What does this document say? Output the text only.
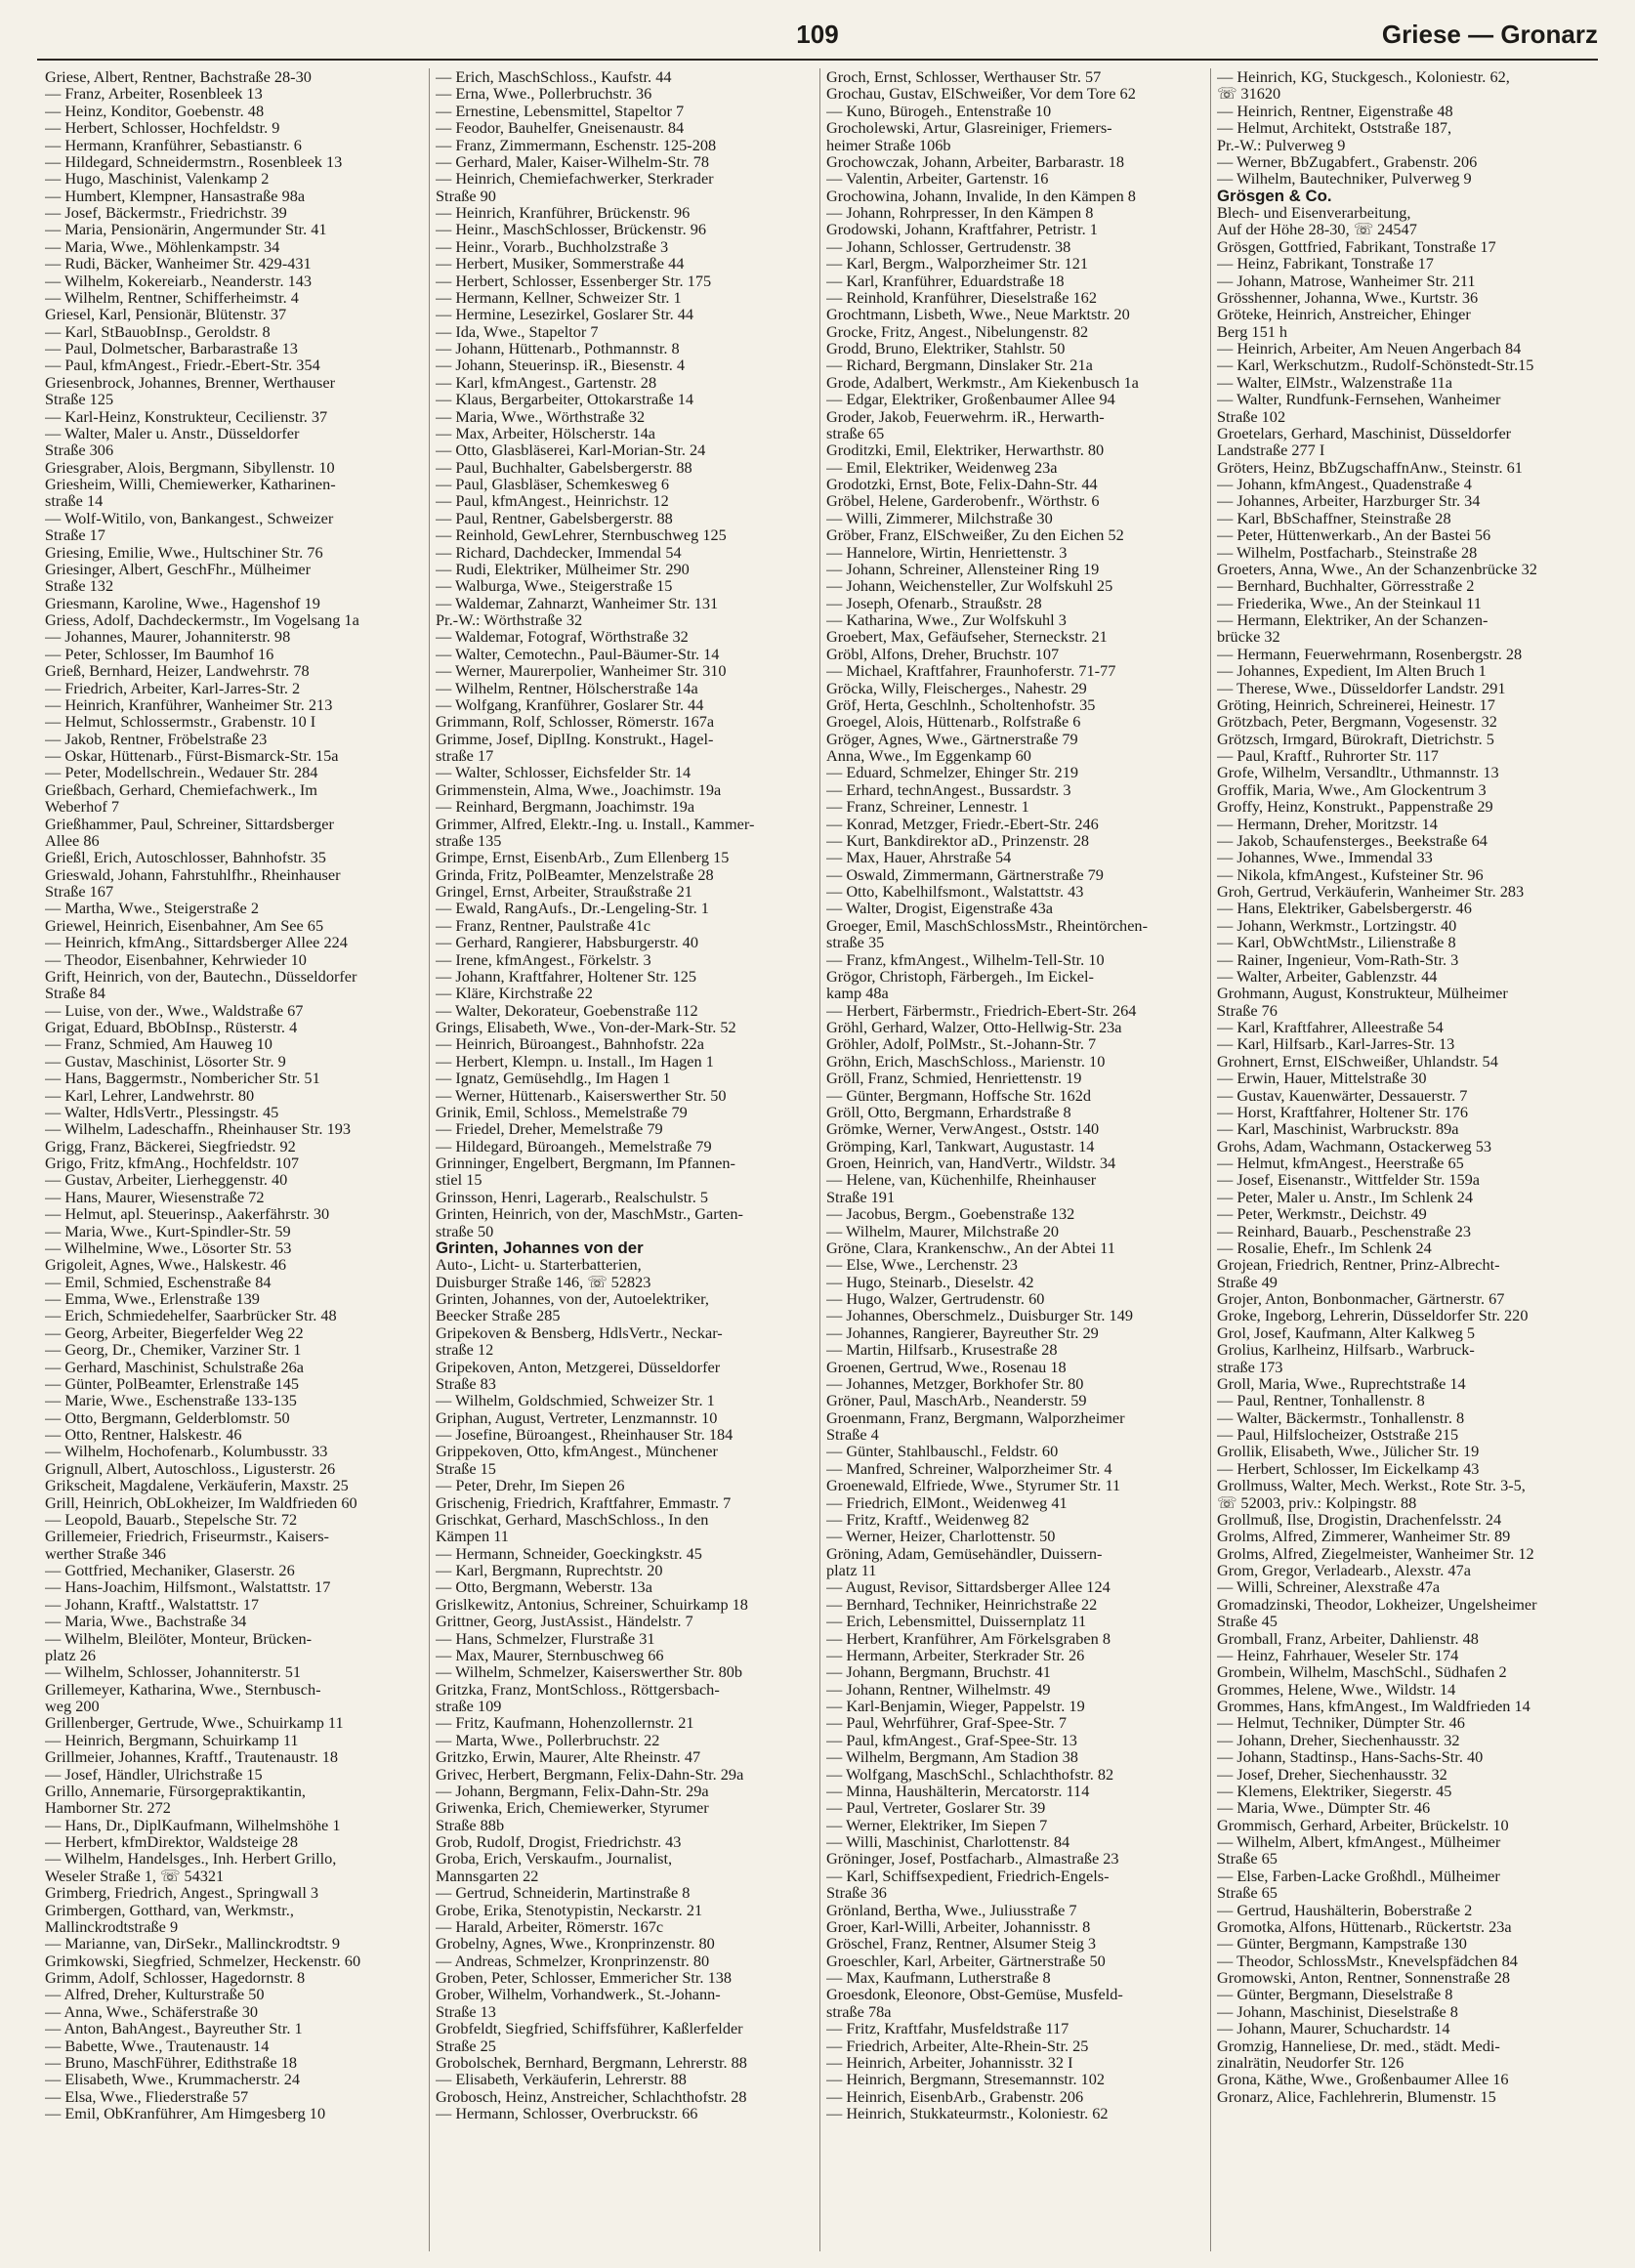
109	Griese — Gronarz
Griese, Albert, Rentner, Bachstraße 28-30
— Franz, Arbeiter, Rosenbleek 13
— Heinz, Konditor, Goebenstr. 48
— Herbert, Schlosser, Hochfeldstr. 9
— Hermann, Kranführer, Sebastianstr. 6
— Hildegard, Schneidermstrn., Rosenbleek 13
— Hugo, Maschinist, Valenkamp 2
— Humbert, Klempner, Hansastraße 98a
— Josef, Bäckermstr., Friedrichstr. 39
— Maria, Pensionärin, Angermunder Str. 41
— Maria, Wwe., Möhlenkampstr. 34
— Rudi, Bäcker, Wanheimer Str. 429-431
— Wilhelm, Kokereiarb., Neanderstr. 143
— Wilhelm, Rentner, Schifferheimstr. 4
Griesel, Karl, Pensionär, Blütenstr. 37
— Karl, StBauobInsp., Geroldstr. 8
— Paul, Dolmetscher, Barbarastraße 13
— Paul, kfmAngest., Friedr.-Ebert-Str. 354
Griesenbrock, Johannes, Brenner, Werthauser
Straße 125
— Karl-Heinz, Konstrukteur, Cecilienstr. 37
— Walter, Maler u. Anstr., Düsseldorfer
Straße 306
Griesgraber, Alois, Bergmann, Sibyllenstr. 10
Griesheim, Willi, Chemiewerker, Katharinen-
straße 14
— Wolf-Witilo, von, Bankangest., Schweizer
Straße 17
Griesing, Emilie, Wwe., Hultschiner Str. 76
Griesinger, Albert, GeschFhr., Mülheimer
Straße 132
Griesmann, Karoline, Wwe., Hagenshof 19
Griess, Adolf, Dachdeckermstr., Im Vogelsang 1a
— Johannes, Maurer, Johanniterstr. 98
— Peter, Schlosser, Im Baumhof 16
Grieß, Bernhard, Heizer, Landwehrstr. 78
— Friedrich, Arbeiter, Karl-Jarres-Str. 2
— Heinrich, Kranführer, Wanheimer Str. 213
— Helmut, Schlossermstr., Grabenstr. 10 I
— Jakob, Rentner, Fröbelstraße 23
— Oskar, Hüttenarb., Fürst-Bismarck-Str. 15a
— Peter, Modellschrein., Wedauer Str. 284
Grießbach, Gerhard, Chemiefachwerk., Im
Weberhof 7
Grießhammer, Paul, Schreiner, Sittardsberger
Allee 86
Grießl, Erich, Autoschlosser, Bahnhofstr. 35
Grieswald, Johann, Fahrstuhlfhr., Rheinhauser
Straße 167
— Martha, Wwe., Steigerstraße 2
Griewel, Heinrich, Eisenbahner, Am See 65
— Heinrich, kfmAng., Sittardsberger Allee 224
— Theodor, Eisenbahner, Kehrwieder 10
Grift, Heinrich, von der, Bautechn., Düsseldorfer
Straße 84
— Luise, von der., Wwe., Waldstraße 67
Grigat, Eduard, BbObInsp., Rüsterstr. 4
— Franz, Schmied, Am Hauweg 10
— Gustav, Maschinist, Lösorter Str. 9
— Hans, Baggermstr., Nombericher Str. 51
— Karl, Lehrer, Landwehrstr. 80
— Walter, HdlsVertr., Plessingstr. 45
— Wilhelm, Ladeschaffn., Rheinhauser Str. 193
Grigg, Franz, Bäckerei, Siegfriedstr. 92
Grigo, Fritz, kfmAng., Hochfeldstr. 107
— Gustav, Arbeiter, Lierheggenstr. 40
— Hans, Maurer, Wiesenstraße 72
— Helmut, apl. Steuerinsp., Aakerfährstr. 30
— Maria, Wwe., Kurt-Spindler-Str. 59
— Wilhelmine, Wwe., Lösorter Str. 53
Grigoleit, Agnes, Wwe., Halskestr. 46
— Emil, Schmied, Eschenstraße 84
— Emma, Wwe., Erlenstraße 139
— Erich, Schmiedehelfer, Saarbrücker Str. 48
— Georg, Arbeiter, Biegerfelder Weg 22
— Georg, Dr., Chemiker, Varziner Str. 1
— Gerhard, Maschinist, Schulstraße 26a
— Günter, PolBeamter, Erlenstraße 145
— Marie, Wwe., Eschenstraße 133-135
— Otto, Bergmann, Gelderblomstr. 50
— Otto, Rentner, Halskestr. 46
— Wilhelm, Hochofenarb., Kolumbusstr. 33
Grignull, Albert, Autoschloss., Ligusterstr. 26
Grikscheit, Magdalene, Verkäuferin, Maxstr. 25
Grill, Heinrich, ObLokheizer, Im Waldfrieden 60
— Leopold, Bauarb., Stepelsche Str. 72
Grillemeier, Friedrich, Friseurmstr., Kaisers-
werther Straße 346
— Gottfried, Mechaniker, Glaserstr. 26
— Hans-Joachim, Hilfsmont., Walstattstr. 17
— Johann, Kraftf., Walstattstr. 17
— Maria, Wwe., Bachstraße 34
— Wilhelm, Bleilöter, Monteur, Brücken-
platz 26
— Wilhelm, Schlosser, Johanniterstr. 51
Grillemeyer, Katharina, Wwe., Sternbusch-
weg 200
Grillenberger, Gertrude, Wwe., Schuirkamp 11
— Heinrich, Bergmann, Schuirkamp 11
Grillmeier, Johannes, Kraftf., Trautenaustr. 18
— Josef, Händler, Ulrichstraße 15
Grillo, Annemarie, Fürsorgepraktikantin,
Hamborner Str. 272
— Hans, Dr., DiplKaufmann, Wilhelmshöhe 1
— Herbert, kfmDirektor, Waldsteige 28
— Wilhelm, Handelsges., Inh. Herbert Grillo,
Weseler Straße 1, ☏ 54321
Grimberg, Friedrich, Angest., Springwall 3
Grimbergen, Gotthard, van, Werkmstr.,
Mallinckrodtstraße 9
— Marianne, van, DirSekr., Mallinckrodtstr. 9
Grimkowski, Siegfried, Schmelzer, Heckenstr. 60
Grimm, Adolf, Schlosser, Hagedornstr. 8
— Alfred, Dreher, Kulturstraße 50
— Anna, Wwe., Schäferstraße 30
— Anton, BahAngest., Bayreuther Str. 1
— Babette, Wwe., Trautenaustr. 14
— Bruno, MaschFührer, Edithstraße 18
— Elisabeth, Wwe., Krummacherstr. 24
— Elsa, Wwe., Fliederstraße 57
— Emil, ObKranführer, Am Himgesberg 10
— Erich, MaschSchloss., Kaufstr. 44
— Erna, Wwe., Pollerbruchstr. 36
— Ernestine, Lebensmittel, Stapeltor 7
— Feodor, Bauhelfer, Gneisenaustr. 84
— Franz, Zimmermann, Eschenstr. 125-208
— Gerhard, Maler, Kaiser-Wilhelm-Str. 78
— Heinrich, Chemiefachwerker, Sterkrader
Straße 90
— Heinrich, Kranführer, Brückenstr. 96
— Heinr., MaschSchlosser, Brückenstr. 96
— Heinr., Vorarb., Buchholzstraße 3
— Herbert, Musiker, Sommerstraße 44
— Herbert, Schlosser, Essenberger Str. 175
— Hermann, Kellner, Schweizer Str. 1
— Hermine, Lesezirkel, Goslarer Str. 44
— Ida, Wwe., Stapeltor 7
— Johann, Hüttenarb., Pothmannstr. 8
— Johann, Steuerinsp. iR., Biesenstr. 4
— Karl, kfmAngest., Gartenstr. 28
— Klaus, Bergarbeiter, Ottokarstraße 14
— Maria, Wwe., Wörthstraße 32
— Max, Arbeiter, Hölscherstr. 14a
— Otto, Glasbläserei, Karl-Morian-Str. 24
— Paul, Buchhalter, Gabelsbergerstr. 88
— Paul, Glasbläser, Schemkesweg 6
— Paul, kfmAngest., Heinrichstr. 12
— Paul, Rentner, Gabelsbergerstr. 88
— Reinhold, GewLehrer, Sternbuschweg 125
— Richard, Dachdecker, Immendal 54
— Rudi, Elektriker, Mülheimer Str. 290
— Walburga, Wwe., Steigerstraße 15
— Waldemar, Zahnarzt, Wanheimer Str. 131
Pr.-W.: Wörthstraße 32
— Waldemar, Fotograf, Wörthstraße 32
— Walter, Cemotechn., Paul-Bäumer-Str. 14
— Werner, Maurerpolier, Wanheimer Str. 310
— Wilhelm, Rentner, Hölscherstraße 14a
— Wolfgang, Kranführer, Goslarer Str. 44
Grimmann, Rolf, Schlosser, Römerstr. 167a
Grimme, Josef, DiplIng. Konstrukt., Hagel-
straße 17
— Walter, Schlosser, Eichsfelder Str. 14
Grimmenstein, Alma, Wwe., Joachimstr. 19a
— Reinhard, Bergmann, Joachimstr. 19a
Grimmer, Alfred, Elektr.-Ing. u. Install., Kammer-
straße 135
Grimpe, Ernst, EisenbArb., Zum Ellenberg 15
Grinda, Fritz, PolBeamter, Menzelstraße 28
Gringel, Ernst, Arbeiter, Straußstraße 21
— Ewald, RangAufs., Dr.-Lengeling-Str. 1
— Franz, Rentner, Paulstraße 41c
— Gerhard, Rangierer, Habsburgerstr. 40
— Irene, kfmAngest., Förkelstr. 3
— Johann, Kraftfahrer, Holtener Str. 125
— Kläre, Kirchstraße 22
— Walter, Dekorateur, Goebenstraße 112
Grings, Elisabeth, Wwe., Von-der-Mark-Str. 52
— Heinrich, Büroangest., Bahnhofstr. 22a
— Herbert, Klempn. u. Install., Im Hagen 1
— Ignatz, Gemüsehdlg., Im Hagen 1
— Werner, Hüttenarb., Kaiserswerther Str. 50
Grinik, Emil, Schloss., Memelstraße 79
— Friedel, Dreher, Memelstraße 79
— Hildegard, Büroangeh., Memelstraße 79
Grinninger, Engelbert, Bergmann, Im Pfannen-
stiel 15
Grinsson, Henri, Lagerarb., Realschulstr. 5
Grinten, Heinrich, von der, MaschMstr., Garten-
straße 50
Grinten, Johannes von der
Auto-, Licht- u. Starterbatterien,
Duisburger Straße 146, ☏ 52823
Grinten, Johannes, von der, Autoelektriker,
Beecker Straße 285
Gripekoven & Bensberg, HdlsVertr., Neckar-
straße 12
Gripekoven, Anton, Metzgerei, Düsseldorfer
Straße 83
— Wilhelm, Goldschmied, Schweizer Str. 1
Griphan, August, Vertreter, Lenzmannstr. 10
— Josefine, Büroangest., Rheinhauser Str. 184
Grippekoven, Otto, kfmAngest., Münchener
Straße 15
— Peter, Drehr, Im Siepen 26
Grischenig, Friedrich, Kraftfahrer, Emmastr. 7
Grischkat, Gerhard, MaschSchloss., In den
Kämpen 11
— Hermann, Schneider, Goeckingkstr. 45
— Karl, Bergmann, Ruprechtstr. 20
— Otto, Bergmann, Weberstr. 13a
Grislkewitz, Antonius, Schreiner, Schuirkamp 18
Grittner, Georg, JustAssist., Händelstr. 7
— Hans, Schmelzer, Flurstraße 31
— Max, Maurer, Sternbuschweg 66
— Wilhelm, Schmelzer, Kaiserswerther Str. 80b
Gritzka, Franz, MontSchloss., Röttgersbach-
straße 109
— Fritz, Kaufmann, Hohenzollernstr. 21
— Marta, Wwe., Pollerbruchstr. 22
Gritzko, Erwin, Maurer, Alte Rheinstr. 47
Grivec, Herbert, Bergmann, Felix-Dahn-Str. 29a
— Johann, Bergmann, Felix-Dahn-Str. 29a
Griwenka, Erich, Chemiewerker, Styrumer
Straße 88b
Grob, Rudolf, Drogist, Friedrichstr. 43
Groba, Erich, Verskaufm., Journalist,
Mannsgarten 22
— Gertrud, Schneiderin, Martinstraße 8
Grobe, Erika, Stenotypistin, Neckarstr. 21
— Harald, Arbeiter, Römerstr. 167c
Grobelny, Agnes, Wwe., Kronprinzenstr. 80
— Andreas, Schmelzer, Kronprinzenstr. 80
Groben, Peter, Schlosser, Emmericher Str. 138
Grober, Wilhelm, Vorhandwerk., St.-Johann-
Straße 13
Grobfeldt, Siegfried, Schiffsführer, Kaßlerfelder
Straße 25
Grobolschek, Bernhard, Bergmann, Lehrerstr. 88
— Elisabeth, Verkäuferin, Lehrerstr. 88
Grobosch, Heinz, Anstreicher, Schlachthofstr. 28
— Hermann, Schlosser, Overbruckstr. 66
Groch, Ernst, Schlosser, Werthauser Str. 57
Grochau, Gustav, ElSchweißer, Vor dem Tore 62
— Kuno, Bürogeh., Entenstraße 10
Grocholewski, Artur, Glasreiniger, Friemers-
heimer Straße 106b
Grochowczak, Johann, Arbeiter, Barbarastr. 18
— Valentin, Arbeiter, Gartenstr. 16
Grochowina, Johann, Invalide, In den Kämpen 8
— Johann, Rohrpresser, In den Kämpen 8
Grodowski, Johann, Kraftfahrer, Petristr. 1
— Johann, Schlosser, Gertrudenstr. 38
— Karl, Bergm., Walporzheimer Str. 121
— Karl, Kranführer, Eduardstraße 18
— Reinhold, Kranführer, Dieselstraße 162
Grochtmann, Lisbeth, Wwe., Neue Marktstr. 20
Grocke, Fritz, Angest., Nibelungenstr. 82
Grodd, Bruno, Elektriker, Stahlstr. 50
— Richard, Bergmann, Dinslaker Str. 21a
Grode, Adalbert, Werkmstr., Am Kiekenbusch 1a
— Edgar, Elektriker, Großenbaumer Allee 94
Groder, Jakob, Feuerwehrm. iR., Herwarth-
straße 65
Groditzki, Emil, Elektriker, Herwarthstr. 80
— Emil, Elektriker, Weidenweg 23a
Grodotzki, Ernst, Bote, Felix-Dahn-Str. 44
Gröbel, Helene, Garderobenfr., Wörthstr. 6
— Willi, Zimmerer, Milchstraße 30
Gröber, Franz, ElSchweißer, Zu den Eichen 52
— Hannelore, Wirtin, Henriettenstr. 3
— Johann, Schreiner, Allensteiner Ring 19
— Johann, Weichensteller, Zur Wolfskuhl 25
— Joseph, Ofenarb., Straußstr. 28
— Katharina, Wwe., Zur Wolfskuhl 3
Groebert, Max, Gefäufseher, Sterneckstr. 21
Gröbl, Alfons, Dreher, Bruchstr. 107
— Michael, Kraftfahrer, Fraunhoferstr. 71-77
Gröcka, Willy, Fleischerges., Nahestr. 29
Gröf, Herta, Geschlnh., Scholtenhofstr. 35
Groegel, Alois, Hüttenarb., Rolfstraße 6
Gröger, Agnes, Wwe., Gärtnerstraße 79
Anna, Wwe., Im Eggenkamp 60
— Eduard, Schmelzer, Ehinger Str. 219
— Erhard, technAngest., Bussardstr. 3
— Franz, Schreiner, Lennestr. 1
— Konrad, Metzger, Friedr.-Ebert-Str. 246
— Kurt, Bankdirektor aD., Prinzenstr. 28
— Max, Hauer, Ahrstraße 54
— Oswald, Zimmermann, Gärtnerstraße 79
— Otto, Kabelhilfsmont., Walstattstr. 43
— Walter, Drogist, Eigenstraße 43a
Groeger, Emil, MaschSchlossMstr., Rheintörchen-
straße 35
— Franz, kfmAngest., Wilhelm-Tell-Str. 10
Grögor, Christoph, Färbergeh., Im Eickel-
kamp 48a
— Herbert, Färbermstr., Friedrich-Ebert-Str. 264
Gröhl, Gerhard, Walzer, Otto-Hellwig-Str. 23a
Gröhler, Adolf, PolMstr., St.-Johann-Str. 7
Gröhn, Erich, MaschSchloss., Marienstr. 10
Gröll, Franz, Schmied, Henriettenstr. 19
— Günter, Bergmann, Hoffsche Str. 162d
Gröll, Otto, Bergmann, Erhardstraße 8
Grömke, Werner, VerwAngest., Oststr. 140
Grömping, Karl, Tankwart, Augustastr. 14
Groen, Heinrich, van, HandVertr., Wildstr. 34
— Helene, van, Küchenhilfe, Rheinhauser
Straße 191
— Jacobus, Bergm., Goebenstraße 132
— Wilhelm, Maurer, Milchstraße 20
Gröne, Clara, Krankenschw., An der Abtei 11
— Else, Wwe., Lerchenstr. 23
— Hugo, Steinarb., Dieselstr. 42
— Hugo, Walzer, Gertrudenstr. 60
— Johannes, Oberschmelz., Duisburger Str. 149
— Johannes, Rangierer, Bayreuther Str. 29
— Martin, Hilfsarb., Krusestraße 28
Groenen, Gertrud, Wwe., Rosenau 18
— Johannes, Metzger, Borkhofer Str. 80
Gröner, Paul, MaschArb., Neanderstr. 59
Groenmann, Franz, Bergmann, Walporzheimer
Straße 4
— Günter, Stahlbauschl., Feldstr. 60
— Manfred, Schreiner, Walporzheimer Str. 4
Groenewald, Elfriede, Wwe., Styrumer Str. 11
— Friedrich, ElMont., Weidenweg 41
— Fritz, Kraftf., Weidenweg 82
— Werner, Heizer, Charlottenstr. 50
Gröning, Adam, Gemüsehändler, Duissern-
platz 11
— August, Revisor, Sittardsberger Allee 124
— Bernhard, Techniker, Heinrichstraße 22
— Erich, Lebensmittel, Duissernplatz 11
— Herbert, Kranführer, Am Förkelsgraben 8
— Hermann, Arbeiter, Sterkrader Str. 26
— Johann, Bergmann, Bruchstr. 41
— Johann, Rentner, Wilhelmstr. 49
— Karl-Benjamin, Wieger, Pappelstr. 19
— Paul, Wehrführer, Graf-Spee-Str. 7
— Paul, kfmAngest., Graf-Spee-Str. 13
— Wilhelm, Bergmann, Am Stadion 38
— Wolfgang, MaschSchl., Schlachthofstr. 82
— Minna, Haushälterin, Mercatorstr. 114
— Paul, Vertreter, Goslarer Str. 39
— Werner, Elektriker, Im Siepen 7
— Willi, Maschinist, Charlottenstr. 84
Gröninger, Josef, Postfacharb., Almastraße 23
— Karl, Schiffsexpedient, Friedrich-Engels-
Straße 36
Grönland, Bertha, Wwe., Juliusstraße 7
Groer, Karl-Willi, Arbeiter, Johannisstr. 8
Gröschel, Franz, Rentner, Alsumer Steig 3
Groeschler, Karl, Arbeiter, Gärtnerstraße 50
— Max, Kaufmann, Lutherstraße 8
Groesdonk, Eleonore, Obst-Gemüse, Musfeld-
straße 78a
— Fritz, Kraftfahr, Musfeldstraße 117
— Friedrich, Arbeiter, Alte-Rhein-Str. 25
— Heinrich, Arbeiter, Johannisstr. 32 I
— Heinrich, Bergmann, Stresemannstr. 102
— Heinrich, EisenbArb., Grabenstr. 206
— Heinrich, Stukkateurmstr., Koloniestr. 62
— Heinrich, KG, Stuckgesch., Koloniestr. 62,
☏ 31620
— Heinrich, Rentner, Eigenstraße 48
— Helmut, Architekt, Oststraße 187,
Pr.-W.: Pulverweg 9
— Werner, BbZugabfert., Grabenstr. 206
— Wilhelm, Bautechniker, Pulverweg 9
Grösgen & Co.
Blech- und Eisenverarbeitung,
Auf der Höhe 28-30, ☏ 24547
Grösgen, Gottfried, Fabrikant, Tonstraße 17
— Heinz, Fabrikant, Tonstraße 17
— Johann, Matrose, Wanheimer Str. 211
Grösshenner, Johanna, Wwe., Kurtstr. 36
Gröteke, Heinrich, Anstreicher, Ehinger
Berg 151 h
— Heinrich, Arbeiter, Am Neuen Angerbach 84
— Karl, Werkschutzm., Rudolf-Schönstedt-Str.15
— Walter, ElMstr., Walzenstraße 11a
— Walter, Rundfunk-Fernsehen, Wanheimer
Straße 102
Groetelars, Gerhard, Maschinist, Düsseldorfer
Landstraße 277 I
Gröters, Heinz, BbZugschaffnAnw., Steinstr. 61
— Johann, kfmAngest., Quadenstraße 4
— Johannes, Arbeiter, Harzburger Str. 34
— Karl, BbSchaffner, Steinstraße 28
— Peter, Hüttenwerkarb., An der Bastei 56
— Wilhelm, Postfacharb., Steinstraße 28
Groeters, Anna, Wwe., An der Schanzenbrücke 32
— Bernhard, Buchhalter, Görresstraße 2
— Friederika, Wwe., An der Steinkaul 11
— Hermann, Elektriker, An der Schanzen-
brücke 32
— Hermann, Feuerwehrmann, Rosenbergstr. 28
— Johannes, Expedient, Im Alten Bruch 1
— Therese, Wwe., Düsseldorfer Landstr. 291
Gröting, Heinrich, Schreinerei, Heinestr. 17
Grötzbach, Peter, Bergmann, Vogesenstr. 32
Grötzsch, Irmgard, Bürokraft, Dietrichstr. 5
— Paul, Kraftf., Ruhrorter Str. 117
Grofe, Wilhelm, Versandltr., Uthmannstr. 13
Groffik, Maria, Wwe., Am Glockentrum 3
Groffy, Heinz, Konstrukt., Pappenstraße 29
— Hermann, Dreher, Moritzstr. 14
— Jakob, Schaufensterges., Beekstraße 64
— Johannes, Wwe., Immendal 33
— Nikola, kfmAngest., Kufsteiner Str. 96
Groh, Gertrud, Verkäuferin, Wanheimer Str. 283
— Hans, Elektriker, Gabelsbergerstr. 46
— Johann, Werkmstr., Lortzingstr. 40
— Karl, ObWchtMstr., Lilienstraße 8
— Rainer, Ingenieur, Vom-Rath-Str. 3
— Walter, Arbeiter, Gablenzstr. 44
Grohmann, August, Konstrukteur, Mülheimer
Straße 76
— Karl, Kraftfahrer, Alleestraße 54
— Karl, Hilfsarb., Karl-Jarres-Str. 13
Grohnert, Ernst, ElSchweißer, Uhlandstr. 54
— Erwin, Hauer, Mittelstraße 30
— Gustav, Kauenwärter, Dessauerstr. 7
— Horst, Kraftfahrer, Holtener Str. 176
— Karl, Maschinist, Warbruckstr. 89a
Grohs, Adam, Wachmann, Ostackerweg 53
— Helmut, kfmAngest., Heerstraße 65
— Josef, Eisenanstr., Wittfelder Str. 159a
— Peter, Maler u. Anstr., Im Schlenk 24
— Peter, Werkmstr., Deichstr. 49
— Reinhard, Bauarb., Peschenstraße 23
— Rosalie, Ehefr., Im Schlenk 24
Grojean, Friedrich, Rentner, Prinz-Albrecht-
Straße 49
Grojer, Anton, Bonbonmacher, Gärtnerstr. 67
Groke, Ingeborg, Lehrerin, Düsseldorfer Str. 220
Grol, Josef, Kaufmann, Alter Kalkweg 5
Grolius, Karlheinz, Hilfsarb., Warbruck-
straße 173
Groll, Maria, Wwe., Ruprechtstraße 14
— Paul, Rentner, Tonhallenstr. 8
— Walter, Bäckermstr., Tonhallenstr. 8
— Paul, Hilfslocheizer, Oststraße 215
Grollik, Elisabeth, Wwe., Jülicher Str. 19
— Herbert, Schlosser, Im Eickelkamp 43
Grollmuss, Walter, Mech. Werkst., Rote Str. 3-5,
☏ 52003, priv.: Kolpingstr. 88
Grollmuß, Ilse, Drogistin, Drachenfelsstr. 24
Grolms, Alfred, Zimmerer, Wanheimer Str. 89
Grolms, Alfred, Ziegelmeister, Wanheimer Str. 12
Grom, Gregor, Verladearb., Alexstr. 47a
— Willi, Schreiner, Alexstraße 47a
Gromadzinski, Theodor, Lokheizer, Ungelsheimer
Straße 45
Gromball, Franz, Arbeiter, Dahlienstr. 48
— Heinz, Fahrhauer, Weseler Str. 174
Grombein, Wilhelm, MaschSchl., Südhafen 2
Grommes, Helene, Wwe., Wildstr. 14
Grommes, Hans, kfmAngest., Im Waldfrieden 14
— Helmut, Techniker, Dümpter Str. 46
— Johann, Dreher, Siechenhausstr. 32
— Johann, Stadtinsp., Hans-Sachs-Str. 40
— Josef, Dreher, Siechenhausstr. 32
— Klemens, Elektriker, Siegerstr. 45
— Maria, Wwe., Dümpter Str. 46
Grommisch, Gerhard, Arbeiter, Brückelstr. 10
— Wilhelm, Albert, kfmAngest., Mülheimer
Straße 65
— Else, Farben-Lacke Großhdl., Mülheimer
Straße 65
— Gertrud, Haushälterin, Boberstraße 2
Gromotka, Alfons, Hüttenarb., Rückertstr. 23a
— Günter, Bergmann, Kampstraße 130
— Theodor, SchlossMstr., Knevelspfädchen 84
Gromowski, Anton, Rentner, Sonnenstraße 28
— Günter, Bergmann, Dieselstraße 8
— Johann, Maschinist, Dieselstraße 8
— Johann, Maurer, Schuchardstr. 14
Gromzig, Hanneliese, Dr. med., städt. Medi-
zinalrätin, Neudorfer Str. 126
Grona, Käthe, Wwe., Großenbaumer Allee 16
Gronarz, Alice, Fachlehrerin, Blumenstr. 15
